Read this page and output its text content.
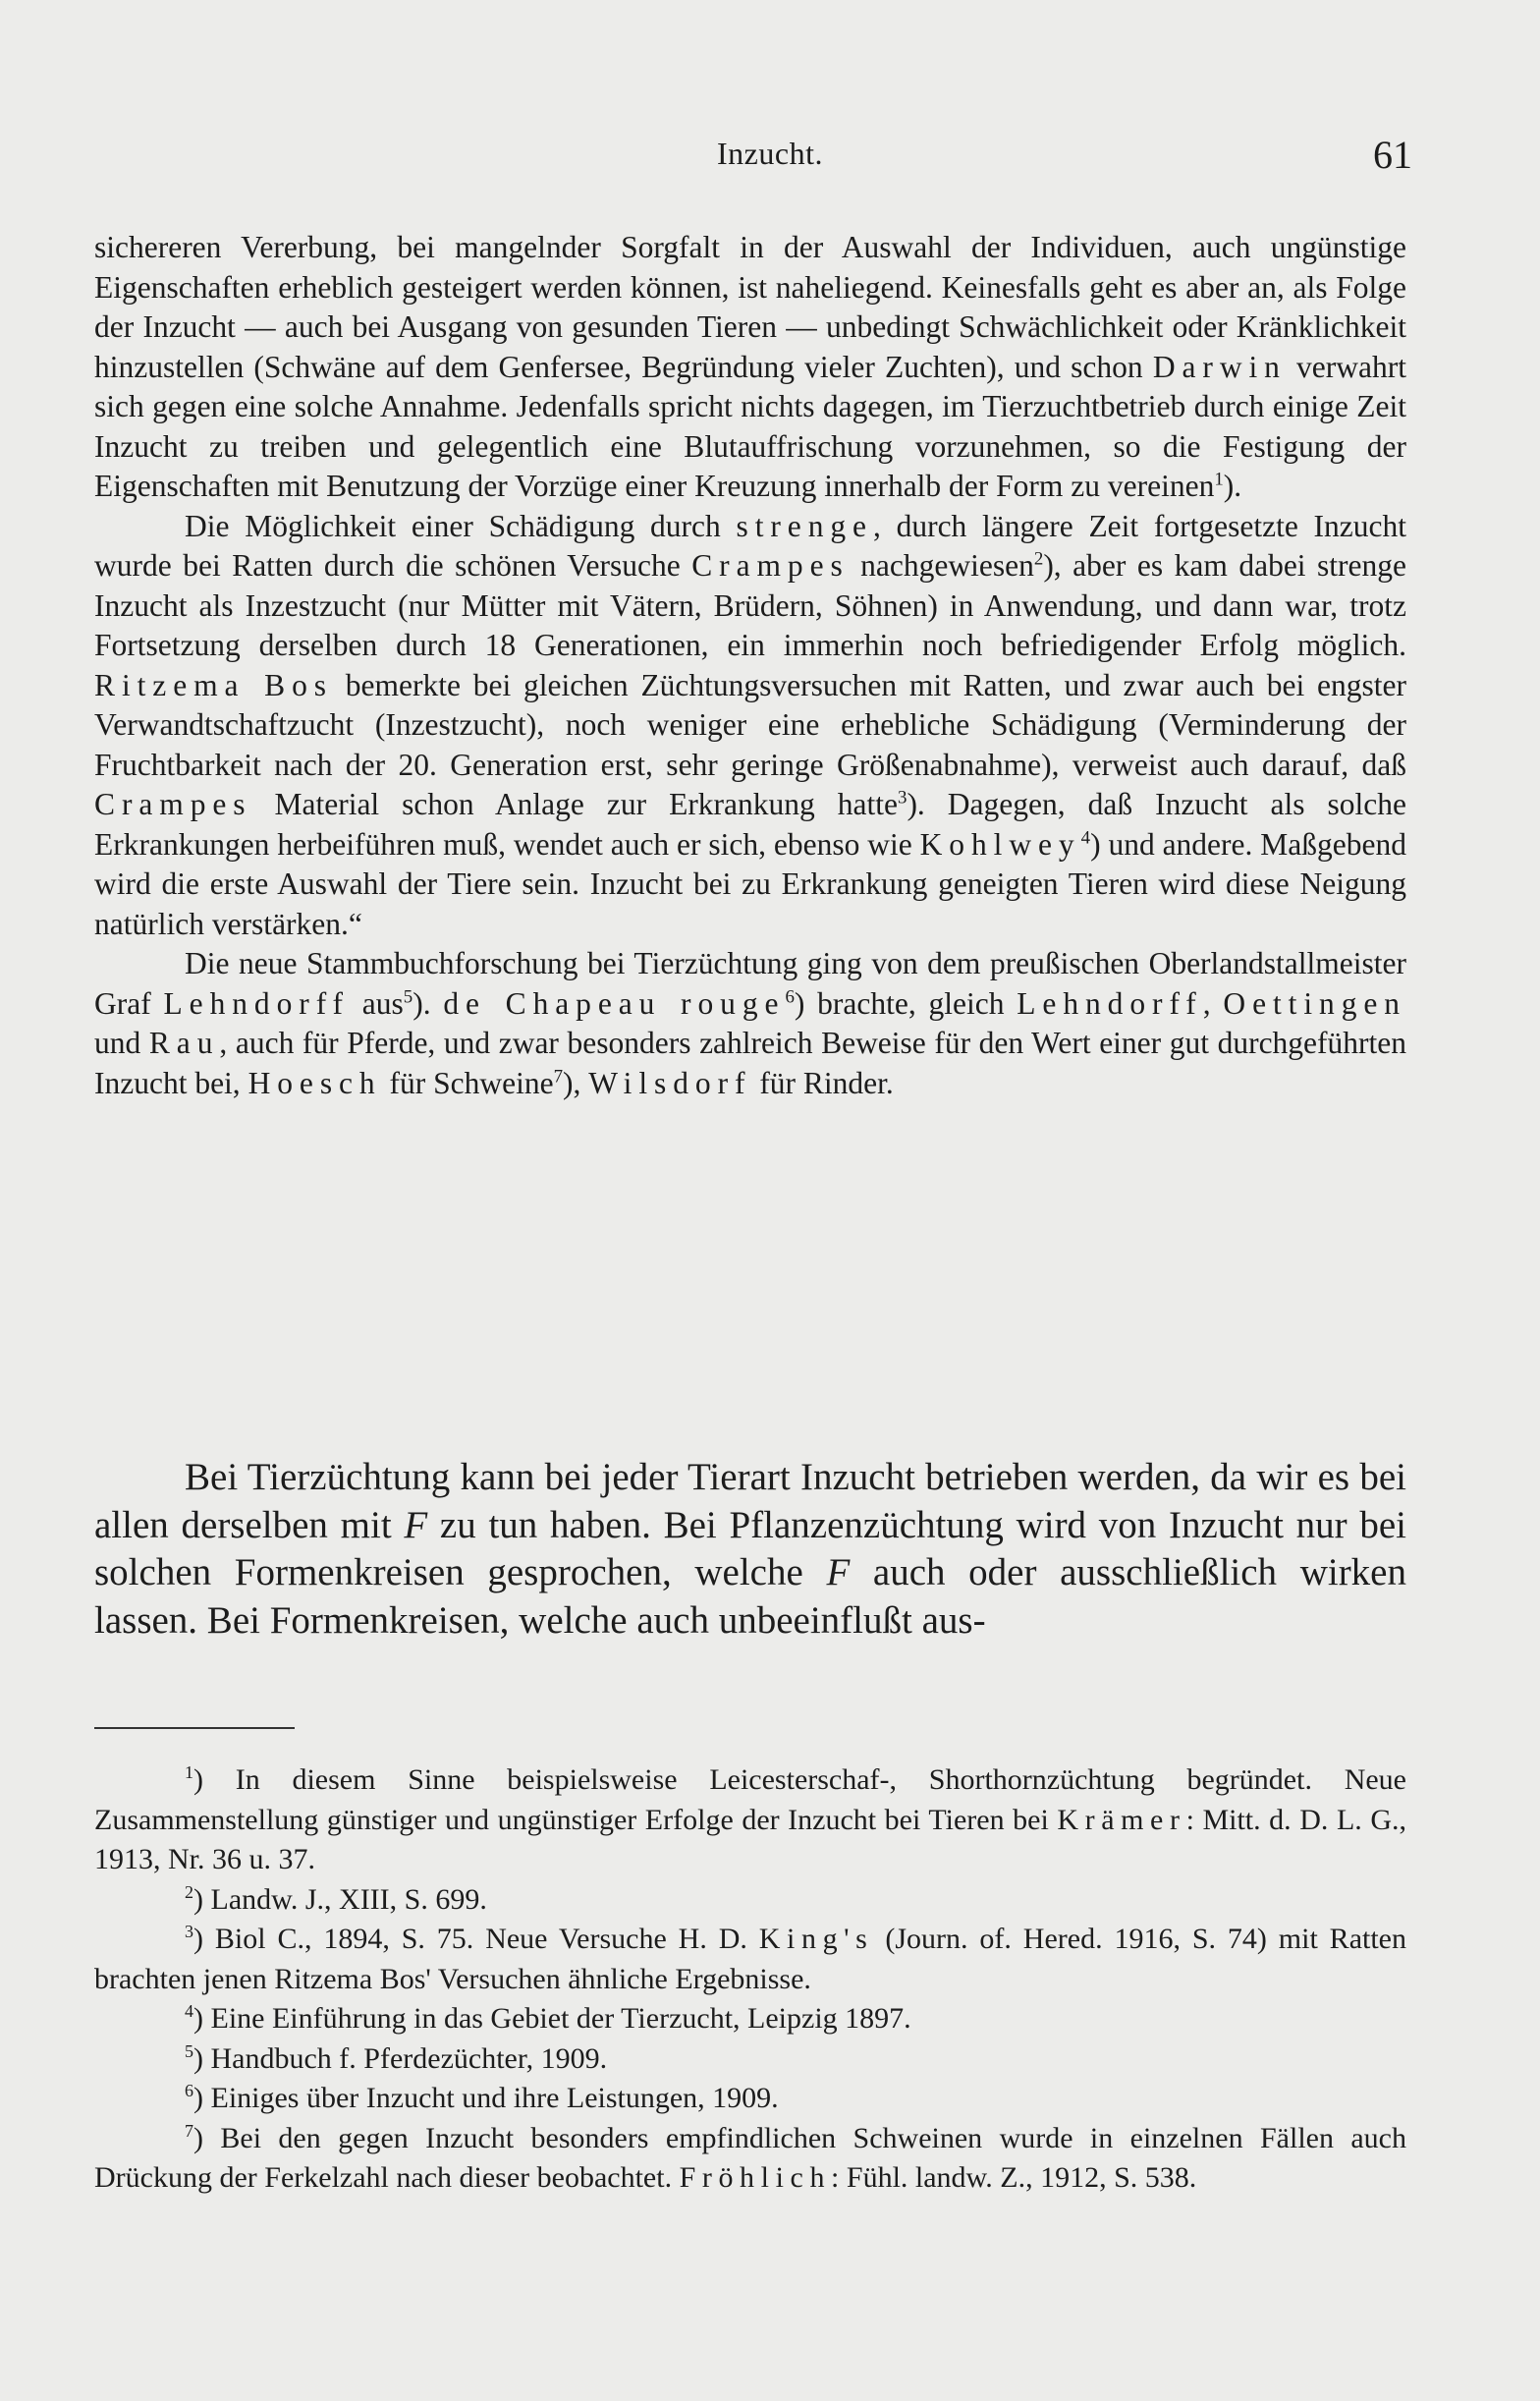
Inzucht.	61

sichereren Vererbung, bei mangelnder Sorgfalt in der Auswahl der Individuen, auch ungünstige Eigenschaften erheblich gesteigert werden können, ist naheliegend. Keinesfalls geht es aber an, als Folge der Inzucht — auch bei Ausgang von gesunden Tieren — unbedingt Schwächlichkeit oder Kränklichkeit hinzustellen (Schwäne auf dem Genfersee, Begründung vieler Zuchten), und schon Darwin verwahrt sich gegen eine solche Annahme. Jedenfalls spricht nichts dagegen, im Tierzuchtbetrieb durch einige Zeit Inzucht zu treiben und gelegentlich eine Blutauffrischung vorzunehmen, so die Festigung der Eigenschaften mit Benutzung der Vorzüge einer Kreuzung innerhalb der Form zu vereinen$^1$).

Die Möglichkeit einer Schädigung durch strenge, durch längere Zeit fortgesetzte Inzucht wurde bei Ratten durch die schönen Versuche Crampes nachgewiesen$^2$), aber es kam dabei strenge Inzucht als Inzestzucht (nur Mütter mit Vätern, Brüdern, Söhnen) in Anwendung, und dann war, trotz Fortsetzung derselben durch 18 Generationen, ein immerhin noch befriedigender Erfolg möglich. Ritzema Bos bemerkte bei gleichen Züchtungsversuchen mit Ratten, und zwar auch bei engster Verwandtschaftzucht (Inzestzucht), noch weniger eine erhebliche Schädigung (Verminderung der Fruchtbarkeit nach der 20. Generation erst, sehr geringe Größenabnahme), verweist auch darauf, daß Crampes Material schon Anlage zur Erkrankung hatte$^3$). Dagegen, daß Inzucht als solche Erkrankungen herbeiführen muß, wendet auch er sich, ebenso wie Kohlwey$^4$) und andere. Maßgebend wird die erste Auswahl der Tiere sein. Inzucht bei zu Erkrankung geneigten Tieren wird diese Neigung natürlich verstärken.“

Die neue Stammbuchforschung bei Tierzüchtung ging von dem preußischen Oberlandstallmeister Graf Lehndorff aus$^5$). de Chapeau rouge$^6$) brachte, gleich Lehndorff, Oettingen und Rau, auch für Pferde, und zwar besonders zahlreich Beweise für den Wert einer gut durchgeführten Inzucht bei, Hoesch für Schweine$^7$), Wilsdorf für Rinder.

Bei Tierzüchtung kann bei jeder Tierart Inzucht betrieben werden, da wir es bei allen derselben mit F zu tun haben. Bei Pflanzenzüchtung wird von Inzucht nur bei solchen Formenkreisen gesprochen, welche F auch oder ausschließlich wirken lassen. Bei Formenkreisen, welche auch unbeeinflußt aus-

$^1$) In diesem Sinne beispielsweise Leicesterschaf-, Shorthornzüchtung begründet. Neue Zusammenstellung günstiger und ungünstiger Erfolge der Inzucht bei Tieren bei Krämer: Mitt. d. D. L. G., 1913, Nr. 36 u. 37.

$^2$) Landw. J., XIII, S. 699.

$^3$) Biol C., 1894, S. 75. Neue Versuche H. D. King's (Journ. of. Hered. 1916, S. 74) mit Ratten brachten jenen Ritzema Bos' Versuchen ähnliche Ergebnisse.

$^4$) Eine Einführung in das Gebiet der Tierzucht, Leipzig 1897.

$^5$) Handbuch f. Pferdezüchter, 1909.

$^6$) Einiges über Inzucht und ihre Leistungen, 1909.

$^7$) Bei den gegen Inzucht besonders empfindlichen Schweinen wurde in einzelnen Fällen auch Drückung der Ferkelzahl nach dieser beobachtet. Fröhlich: Fühl. landw. Z., 1912, S. 538.
